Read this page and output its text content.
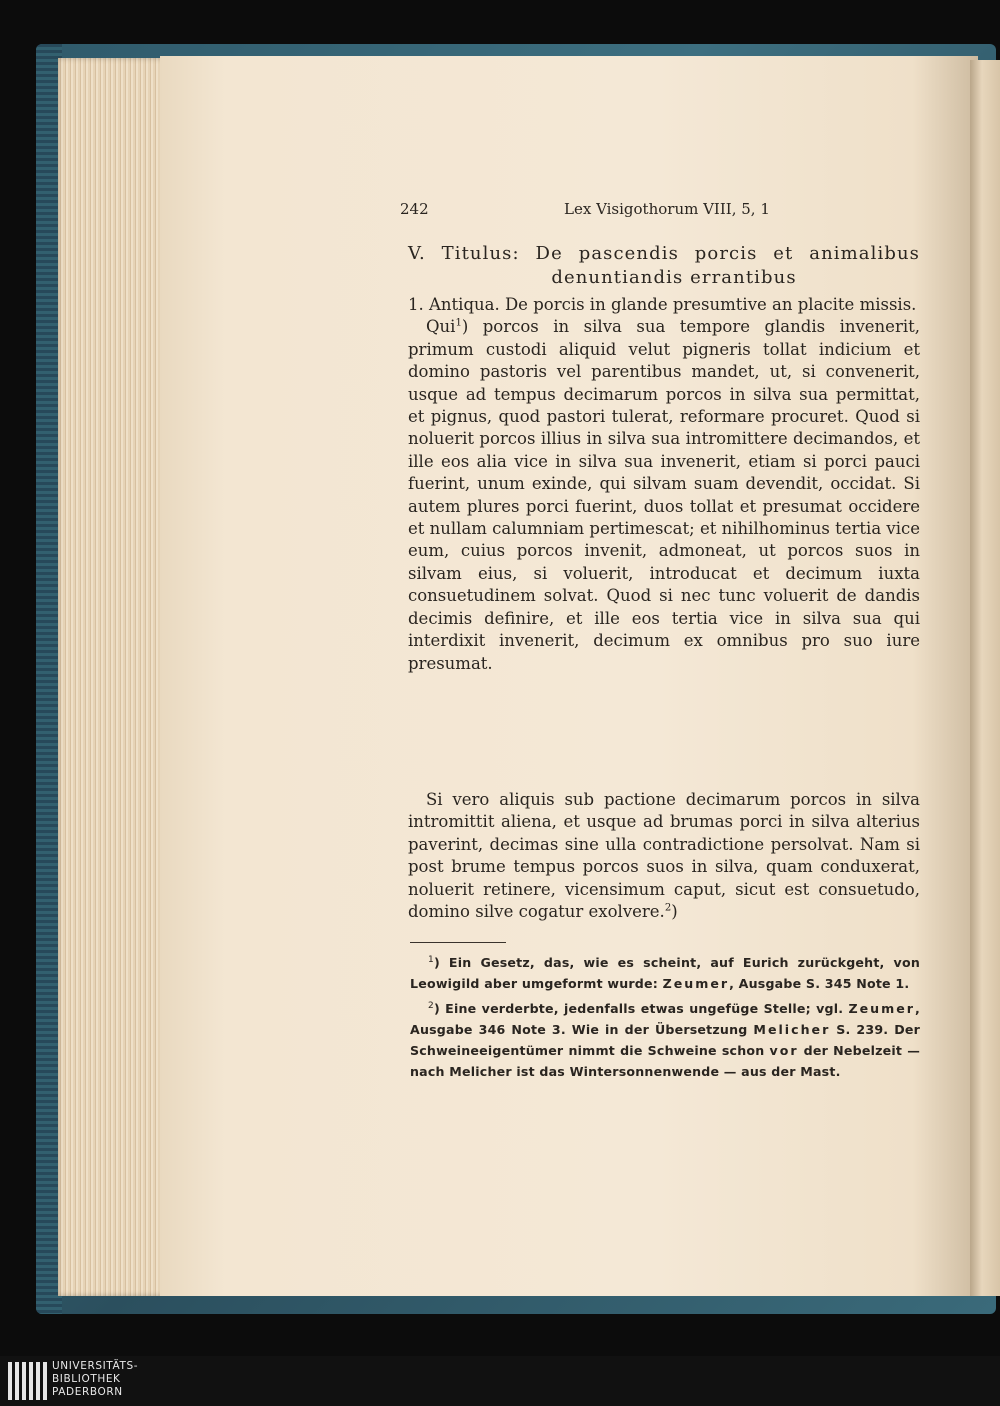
242	Lex Visigothorum VIII, 5, 1
V. Titulus: De pascendis porcis et animalibus
denuntiandis errantibus

1. Antiqua. De porcis in glande presumtive an placite missis.

Qui$^1$) porcos in silva sua tempore glandis invenerit, primum custodi aliquid velut pigneris tollat indicium et domino pastoris vel parentibus mandet, ut, si convenerit, usque ad tempus decimarum porcos in silva sua permittat, et pignus, quod pastori tulerat, reformare procuret. Quod si noluerit porcos illius in silva sua intromittere decimandos, et ille eos alia vice in silva sua invenerit, etiam si porci pauci fuerint, unum exinde, qui silvam suam devendit, occidat. Si autem plures porci fuerint, duos tollat et presumat occidere et nullam calumniam pertimescat; et nihilhominus tertia vice eum, cuius porcos invenit, admoneat, ut porcos suos in silvam eius, si voluerit, introducat et decimum iuxta consuetudinem solvat. Quod si nec tunc voluerit de dandis decimis definire, et ille eos tertia vice in silva sua qui interdixit invenerit, decimum ex omnibus pro suo iure presumat.

Si vero aliquis sub pactione decimarum porcos in silva intromittit aliena, et usque ad brumas porci in silva alterius paverint, decimas sine ulla contradictione persolvat. Nam si post brume tempus porcos suos in silva, quam conduxerat, noluerit retinere, vicensimum caput, sicut est consuetudo, domino silve cogatur exolvere.$^2$)

$^1$) Ein Gesetz, das, wie es scheint, auf Eurich zurückgeht, von Leowigild aber umgeformt wurde: Zeumer, Ausgabe S. 345 Note 1.

$^2$) Eine verderbte, jedenfalls etwas ungefüge Stelle; vgl. Zeumer, Ausgabe 346 Note 3. Wie in der Übersetzung Melicher S. 239. Der Schweineeigentümer nimmt die Schweine schon vor der Nebelzeit — nach Melicher ist das Wintersonnenwende — aus der Mast.

UNIVERSITÄTS-
BIBLIOTHEK
PADERBORN
